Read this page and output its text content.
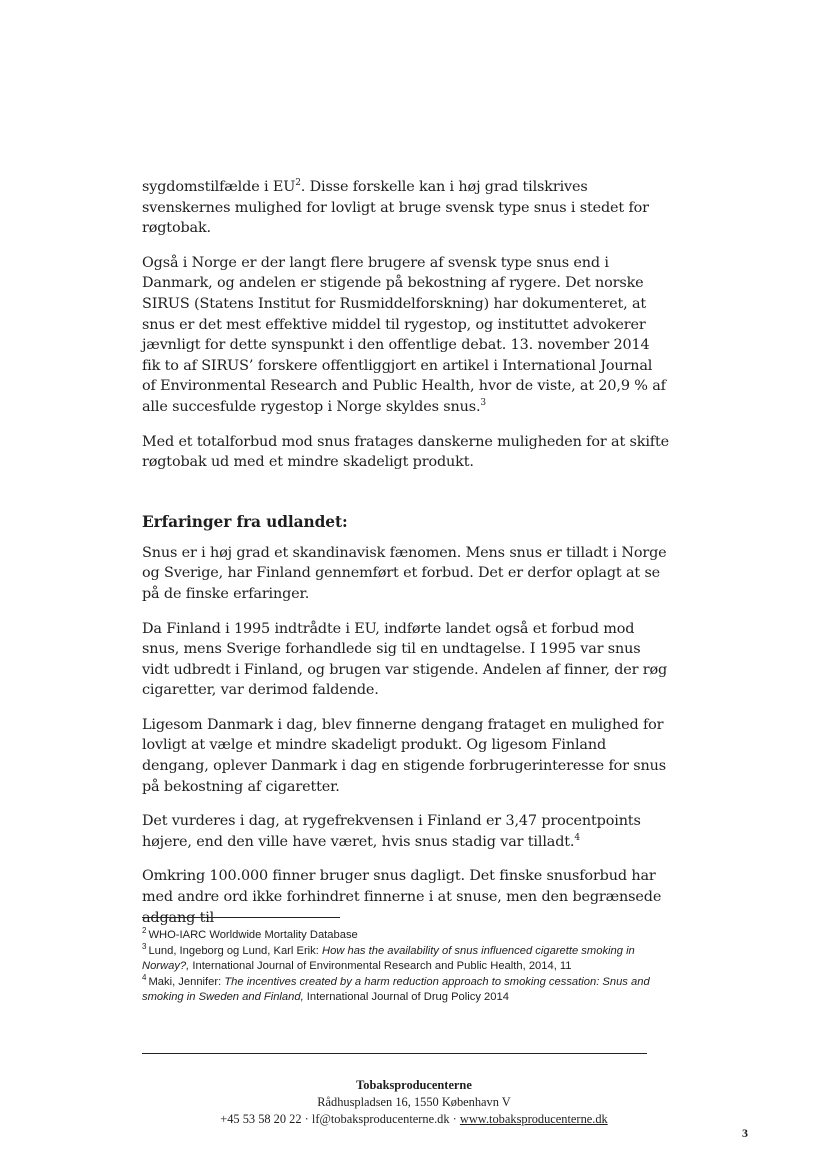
sygdomstilfælde i $EU^2$. Disse forskelle kan i høj grad tilskrives svenskernes mulighed for lovligt at bruge svensk type snus i stedet for røgtobak.

Også i Norge er der langt flere brugere af svensk type snus end i Danmark, og andelen er stigende på bekostning af rygere. Det norske SIRUS (Statens Institut for Rusmiddelforskning) har dokumenteret, at snus er det mest effektive middel til rygestop, og instituttet advokerer jævnligt for dette synspunkt i den offentlige debat. 13. november 2014 fik to af SIRUS’ forskere offentliggjort en artikel i International Journal of Environmental Research and Public Health, hvor de viste, at 20,9 % af alle succesfulde rygestop i Norge skyldes snus.$^3$

Med et totalforbud mod snus fratages danskerne muligheden for at skifte røgtobak ud med et mindre skadeligt produkt.

Erfaringer fra udlandet:

Snus er i høj grad et skandinavisk fænomen. Mens snus er tilladt i Norge og Sverige, har Finland gennemført et forbud. Det er derfor oplagt at se på de finske erfaringer.

Da Finland i 1995 indtrådte i EU, indførte landet også et forbud mod snus, mens Sverige forhandlede sig til en undtagelse. I 1995 var snus vidt udbredt i Finland, og brugen var stigende. Andelen af finner, der røg cigaretter, var derimod faldende.

Ligesom Danmark i dag, blev finnerne dengang frataget en mulighed for lovligt at vælge et mindre skadeligt produkt. Og ligesom Finland dengang, oplever Danmark i dag en stigende forbrugerinteresse for snus på bekostning af cigaretter.

Det vurderes i dag, at rygefrekvensen i Finland er 3,47 procentpoints højere, end den ville have været, hvis snus stadig var tilladt.$^4$

Omkring 100.000 finner bruger snus dagligt. Det finske snusforbud har med andre ord ikke forhindret finnerne i at snuse, men den begrænsede adgang til

$^2$ WHO-IARC Worldwide Mortality Database
$^3$ Lund, Ingeborg og Lund, Karl Erik: How has the availability of snus influenced cigarette smoking in Norway?, International Journal of Environmental Research and Public Health, 2014, 11
$^4$ Maki, Jennifer: The incentives created by a harm reduction approach to smoking cessation: Snus and smoking in Sweden and Finland, International Journal of Drug Policy 2014
Tobaksproducenterne
Rådhuspladsen 16, 1550 København V
+45 53 58 20 22 · lf@tobaksproducenterne.dk · www.tobaksproducenterne.dk
3
